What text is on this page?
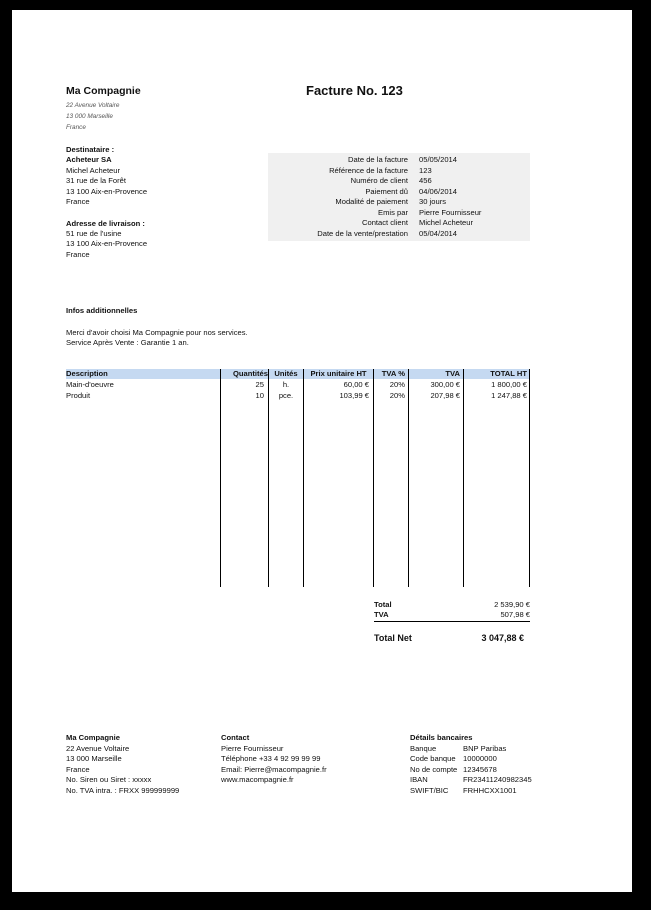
Ma Compagnie
22 Avenue Voltaire
13 000 Marseille
France
Facture No. 123
Destinataire :
Acheteur SA
Michel Acheteur
31 rue de la Forêt
13 100 Aix-en-Provence
France
Adresse de livraison :
51 rue de l'usine
13 100 Aix-en-Provence
France
Date de la facture 05/05/2014
Référence de la facture 123
Numéro de client 456
Paiement dû 04/06/2014
Modalité de paiement 30 jours
Emis par Pierre Fournisseur
Contact client Michel Acheteur
Date de la vente/prestation 05/04/2014
Infos additionnelles
Merci d'avoir choisi Ma Compagnie pour nos services.
Service Après Vente : Garantie 1 an.
Description	Quantités Unités	Prix unitaire HT	TVA %	TVA	TOTAL HT
Main-d'oeuvre	25	h.	60,00 €	20%	300,00 €	1 800,00 €
Produit	10	pce.	103,99 €	20%	207,98 €	1 247,88 €
Total	2 539,90 €
TVA	507,98 €
Total Net	3 047,88 €
Ma Compagnie
22 Avenue Voltaire
13 000 Marseille
France
No. Siren ou Siret : xxxxx
No. TVA intra. : FRXX 999999999
Contact
Pierre Fournisseur
Téléphone +33 4 92 99 99 99
Email: Pierre@macompagnie.fr
www.macompagnie.fr
Détails bancaires
Banque	BNP Paribas
Code banque 10000000
No de compte 12345678
IBAN	FR23411240982345
SWIFT/BIC FRHHCXX1001
